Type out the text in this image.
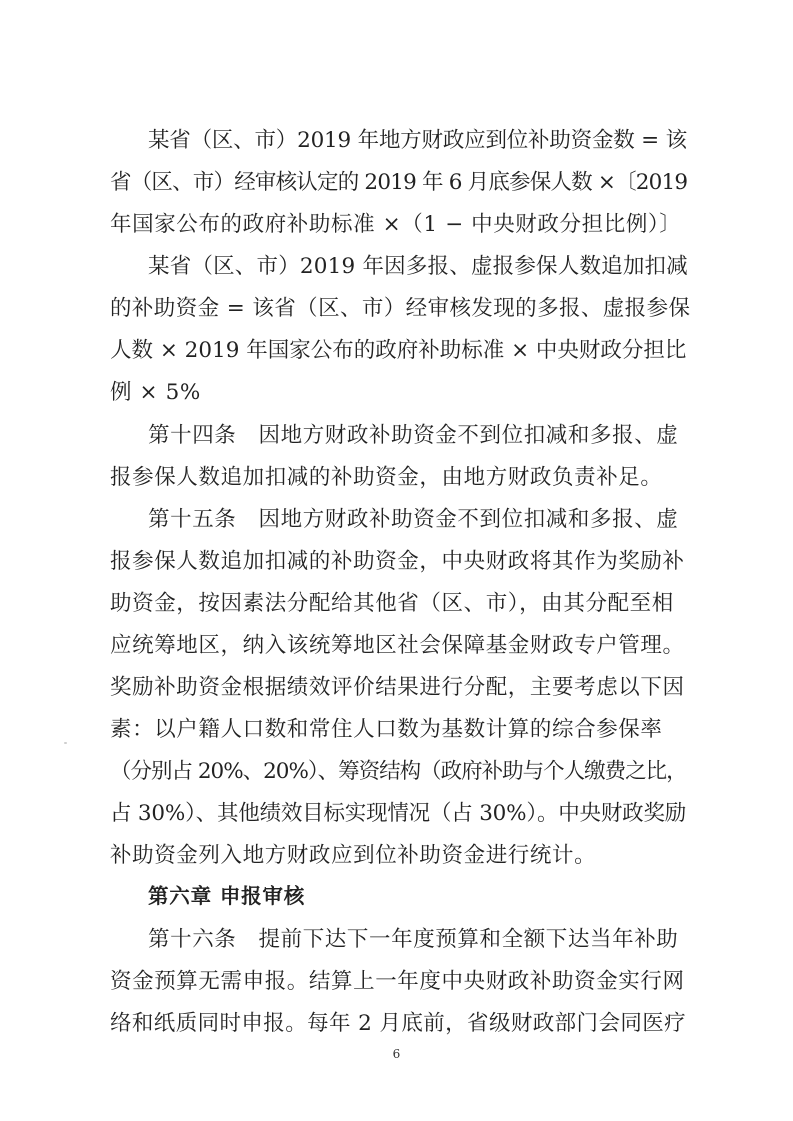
某省（区、市）2019 年地方财政应到位补助资金数 = 该
省（区、市）经审核认定的 2019 年 6 月底参保人数 ×〔2019
年国家公布的政府补助标准 ×（1 − 中央财政分担比例）〕
某省（区、市）2019 年因多报、虚报参保人数追加扣减
的补助资金 = 该省（区、市）经审核发现的多报、虚报参保
人数 × 2019 年国家公布的政府补助标准 × 中央财政分担比
例 × 5%
第十四条　因地方财政补助资金不到位扣减和多报、虚
报参保人数追加扣减的补助资金，由地方财政负责补足。
第十五条　因地方财政补助资金不到位扣减和多报、虚
报参保人数追加扣减的补助资金，中央财政将其作为奖励补
助资金，按因素法分配给其他省（区、市），由其分配至相
应统筹地区，纳入该统筹地区社会保障基金财政专户管理。
奖励补助资金根据绩效评价结果进行分配，主要考虑以下因
素：以户籍人口数和常住人口数为基数计算的综合参保率
（分别占 20%、20%）、筹资结构（政府补助与个人缴费之比，
占 30%）、其他绩效目标实现情况（占 30%）。中央财政奖励
补助资金列入地方财政应到位补助资金进行统计。
第六章 申报审核
第十六条　提前下达下一年度预算和全额下达当年补助
资金预算无需申报。结算上一年度中央财政补助资金实行网
络和纸质同时申报。每年 2 月底前，省级财政部门会同医疗
6
